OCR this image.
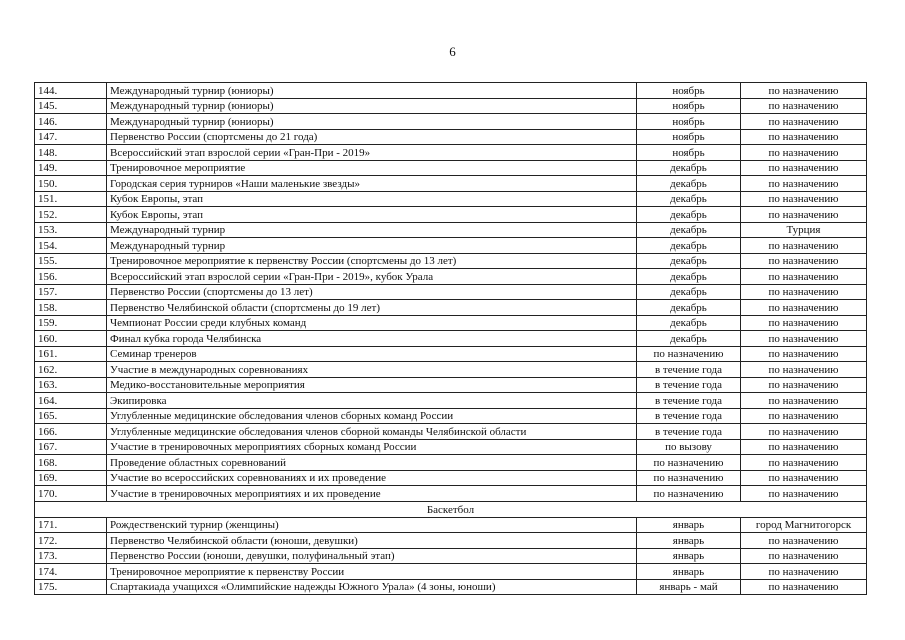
6
144.	Международный турнир (юниоры)	ноябрь	по назначению
145.	Международный турнир (юниоры)	ноябрь	по назначению
146.	Международный турнир (юниоры)	ноябрь	по назначению
147.	Первенство России (спортсмены до 21 года)	ноябрь	по назначению
148.	Всероссийский этап взрослой серии «Гран-При - 2019»	ноябрь	по назначению
149.	Тренировочное мероприятие	декабрь	по назначению
150.	Городская серия турниров «Наши маленькие звезды»	декабрь	по назначению
151.	Кубок Европы, этап	декабрь	по назначению
152.	Кубок Европы, этап	декабрь	по назначению
153.	Международный турнир	декабрь	Турция
154.	Международный турнир	декабрь	по назначению
155.	Тренировочное мероприятие к первенству России (спортсмены до 13 лет)	декабрь	по назначению
156.	Всероссийский этап взрослой серии «Гран-При - 2019», кубок Урала	декабрь	по назначению
157.	Первенство России (спортсмены до 13 лет)	декабрь	по назначению
158.	Первенство Челябинской области (спортсмены до 19 лет)	декабрь	по назначению
159.	Чемпионат России среди клубных команд	декабрь	по назначению
160.	Финал кубка города Челябинска	декабрь	по назначению
161.	Семинар тренеров	по назначению	по назначению
162.	Участие в международных соревнованиях	в течение года	по назначению
163.	Медико-восстановительные мероприятия	в течение года	по назначению
164.	Экипировка	в течение года	по назначению
165.	Углубленные медицинские обследования членов сборных команд России	в течение года	по назначению
166.	Углубленные медицинские обследования членов сборной команды Челябинской области	в течение года	по назначению
167.	Участие в тренировочных мероприятиях сборных команд России	по вызову	по назначению
168.	Проведение областных соревнований	по назначению	по назначению
169.	Участие во всероссийских соревнованиях и их проведение	по назначению	по назначению
170.	Участие в тренировочных мероприятиях и их проведение	по назначению	по назначению
Баскетбол			
171.	Рождественский турнир (женщины)	январь	город Магнитогорск
172.	Первенство Челябинской области (юноши, девушки)	январь	по назначению
173.	Первенство России (юноши, девушки, полуфинальный этап)	январь	по назначению
174.	Тренировочное мероприятие к первенству России	январь	по назначению
175.	Спартакиада учащихся «Олимпийские надежды Южного Урала» (4 зоны, юноши)	январь - май	по назначению
